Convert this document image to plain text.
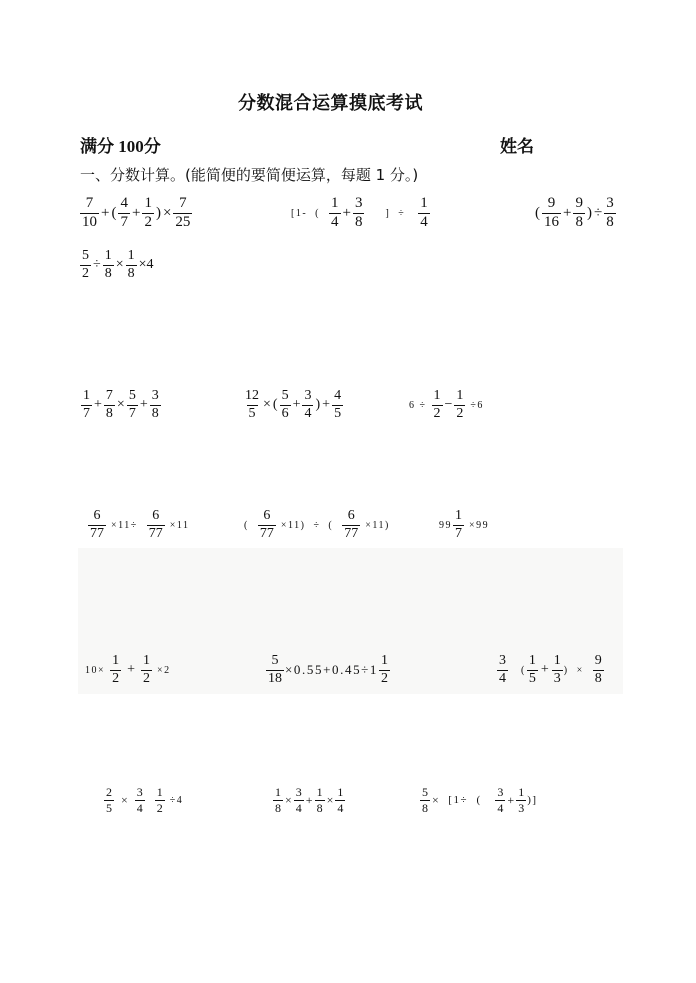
分数混合运算摸底考试
满分 100分	姓名
一、分数计算。(能简便的要简便运算，每题 1 分。)
$\frac{7}{10}$ + ( $\frac{4}{7} + \frac{1}{2}$ ) × $\frac{7}{25}$	[1-  ( $\frac{1}{4} + \frac{3}{8}$ ]  ÷ $\frac{1}{4}$	( $\frac{9}{16} + \frac{9}{8}$ ) ÷ $\frac{3}{8}$
$\frac{5}{2} \div \frac{1}{8} \times \frac{1}{8} \times 4$
$\frac{1}{7} + \frac{7}{8} \times \frac{5}{7} + \frac{3}{8}$	$\frac{12}{5}$ × ( $\frac{5}{6} + \frac{3}{4}$ ) + $\frac{4}{5}$	$6 \div \frac{1}{2} - \frac{1}{2} \div 6$
$\frac{6}{77} \times 11\div \frac{6}{77} \times 11$	( $\frac{6}{77} \times 11$)  ÷  ( $\frac{6}{77} \times 11$)	$99 \frac{1}{7} \times 99$
$10\times \frac{1}{2} + \frac{1}{2} \times 2$	$\frac{5}{18} \times 0.55+0.45\div 1 \frac{1}{2}$	$\frac{3}{4}$ ( $\frac{1}{5} + \frac{1}{3}$ )  × $\frac{9}{8}$
$\frac{2}{5} \times \frac{3}{4} \frac{1}{2} \div 4$	$\frac{1}{8} \times \frac{3}{4} + \frac{1}{8} \times \frac{1}{4}$	$\frac{5}{8} \times [1\div$  ( $\frac{3}{4} + \frac{1}{3}$ )]
